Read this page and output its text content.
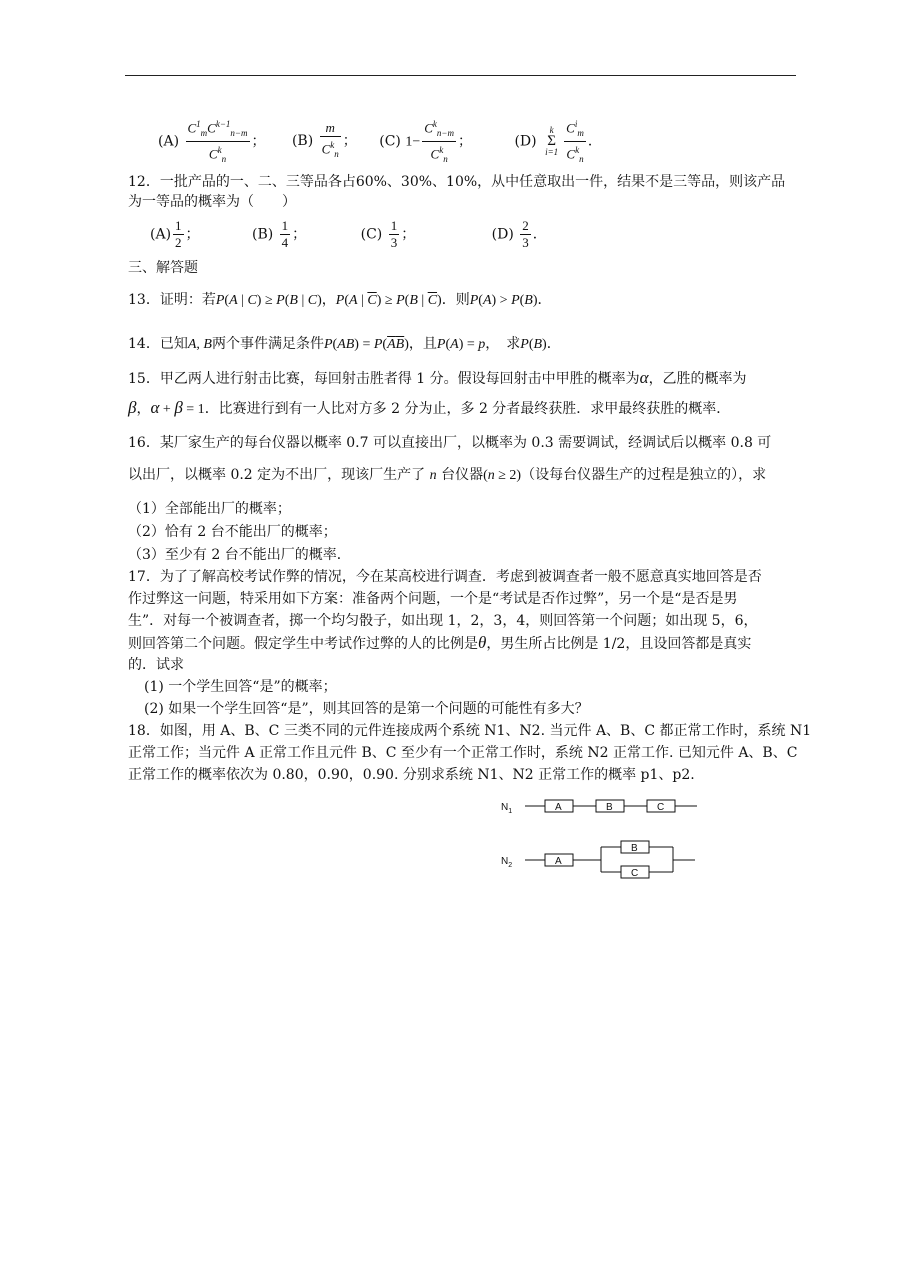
$(A) \frac{C^1_mC^{k-1}_{n-m}}{C^k_n}$ ； $(B) \frac{m}{C^k_n}$ ； (C) $1- \frac{C^k_{n-m}}{C^k_n}$ ；	(D)
k
Σ
$i=1 \frac{C^i_m}{C^k_n}$ ．
12．一批产品的一、二、三等品各占60%、30%、10%，从中任意取出一件，结果不是三等品，则该产品
为一等品的概率为（　　）
$(A) \frac{1}{2}$ ；	$(B) \frac{1}{4}$ ；	$(C) \frac{1}{3}$ ；	$(D) \frac{2}{3}$ ．
三、解答题
13．证明：若P(A | C) ≥ P(B | C)，P(A | $\overline{C}) \ge P(B$ | $\overline{C}$)．则P(A) > P(B)．
14．已知A, B两个事件满足条件$P(AB) = P(\overline{A}\overline{B})$，且P(A) = p，  求P(B)．
15．甲乙两人进行射击比赛，每回射击胜者得 1 分。假设每回射击中甲胜的概率为α，乙胜的概率为
β，α + β = 1．比赛进行到有一人比对方多 2 分为止，多 2 分者最终获胜．求甲最终获胜的概率．
16．某厂家生产的每台仪器以概率 0.7 可以直接出厂，以概率为 0.3 需要调试，经调试后以概率 0.8 可
以出厂，以概率 0.2 定为不出厂，现该厂生产了 n 台仪器(n ≥ 2)（设每台仪器生产的过程是独立的），求
（1）全部能出厂的概率；
（2）恰有 2 台不能出厂的概率；
（3）至少有 2 台不能出厂的概率．
17．为了了解高校考试作弊的情况，今在某高校进行调查．考虑到被调查者一般不愿意真实地回答是否
作过弊这一问题，特采用如下方案：准备两个问题，一个是“考试是否作过弊”，另一个是“是否是男
生”．对每一个被调查者，掷一个均匀骰子，如出现 1，2，3，4，则回答第一个问题；如出现 5，6，
则回答第二个问题。假定学生中考试作过弊的人的比例是θ，男生所占比例是 1/2，且设回答都是真实
的．试求
(1) 一个学生回答“是”的概率；
(2) 如果一个学生回答“是”，则其回答的是第一个问题的可能性有多大？
18．如图，用 A、B、C 三类不同的元件连接成两个系统 N1、N2. 当元件 A、B、C 都正常工作时，系统 N1
正常工作；当元件 A 正常工作且元件 B、C 至少有一个正常工作时，系统 N2 正常工作. 已知元件 A、B、C
正常工作的概率依次为 0.80，0.90，0.90. 分别求系统 N1、N2 正常工作的概率 p1、p2.
$N_1$
$N_2$
A	B	C
A
B
C
